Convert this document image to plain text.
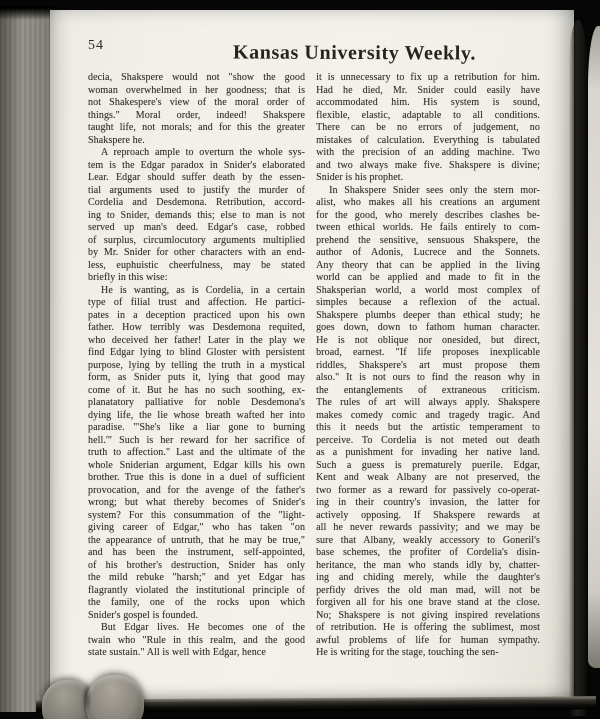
54	Kansas University Weekly.
decia, Shakspere would not "show the good
woman overwhelmed in her goodness; that is
not Shakespere's view of the moral order of
things." Moral order, indeed! Shakspere
taught life, not morals; and for this the greater
Shakspere he.
A reproach ample to overturn the whole sys-
tem is the Edgar paradox in Snider's elaborated
Lear. Edgar should suffer death by the essen-
tial arguments used to justify the murder of
Cordelia and Desdemona. Retribution, accord-
ing to Snider, demands this; else to man is not
served up man's deed. Edgar's case, robbed
of surplus, circumlocutory arguments multiplied
by Mr. Snider for other characters with an end-
less, euphuistic cheerfulness, may be stated
briefly in this wise:
He is wanting, as is Cordelia, in a certain
type of filial trust and affection. He partici-
pates in a deception practiced upon his own
father. How terribly was Desdemona requited,
who deceived her father! Later in the play we
find Edgar lying to blind Gloster with persistent
purpose, lying by telling the truth in a mystical
form, as Snider puts it, lying that good may
come of it. But he has no such soothing, ex-
planatatory palliative for noble Desdemona's
dying life, the lie whose breath wafted her into
paradise. "'She's like a liar gone to burning
hell.'" Such is her reward for her sacrifice of
truth to affection." Last and the ultimate of the
whole Sniderian argument, Edgar kills his own
brother. True this is done in a duel of sufficient
provocation, and for the avenge of the father's
wrong; but what thereby becomes of Snider's
system? For this consummation of the "light-
giving career of Edgar," who has taken "on
the appearance of untruth, that he may be true,"
and has been the instrument, self-appointed,
of his brother's destruction, Snider has only
the mild rebuke "harsh;" and yet Edgar has
flagrantly violated the institutional principle of
the family, one of the rocks upon which
Snider's gospel is founded.
But Edgar lives. He becomes one of the
twain who "Rule in this realm, and the good
state sustain." All is well with Edgar, hence
it is unnecessary to fix up a retribution for him.
Had he died, Mr. Snider could easily have
accommodated him. His system is sound,
flexible, elastic, adaptable to all conditions.
There can be no errors of judgement, no
mistakes of calculation. Everything is tabulated
with the precision of an adding machine. Two
and two always make five. Shakspere is divine;
Snider is his prophet.
In Shakspere Snider sees only the stern mor-
alist, who makes all his creations an argument
for the good, who merely describes clashes be-
tween ethical worlds. He fails entirely to com-
prehend the sensitive, sensuous Shakspere, the
author of Adonis, Lucrece and the Sonnets.
Any theory that can be applied in the living
world can be applied and made to fit in the
Shaksperian world, a world most complex of
simples because a reflexion of the actual.
Shakspere plumbs deeper than ethical study; he
goes down, down to fathom human character.
He is not oblique nor onesided, but direct,
broad, earnest. "If life proposes inexplicable
riddles, Shakspere's art must propose them
also." It is not ours to find the reason why in
the entanglements of extraneous criticism.
The rules of art will always apply. Shakspere
makes comedy comic and tragedy tragic. And
this it needs but the artistic temperament to
perceive. To Cordelia is not meted out death
as a punishment for invading her native land.
Such a guess is prematurely puerile. Edgar,
Kent and weak Albany are not preserved, the
two former as a reward for passively co-operat-
ing in their country's invasion, the latter for
actively opposing. If Shakspere rewards at
all he never rewards passivity; and we may be
sure that Albany, weakly accessory to Goneril's
base schemes, the profiter of Cordelia's disin-
heritance, the man who stands idly by, chatter-
ing and chiding merely, while the daughter's
perfidy drives the old man mad, will not be
forgiven all for his one brave stand at the close.
No; Shakspere is not giving inspired revelations
of retribution. He is offering the sublimest, most
awful problems of life for human sympathy.
He is writing for the stage, touching the sen-
